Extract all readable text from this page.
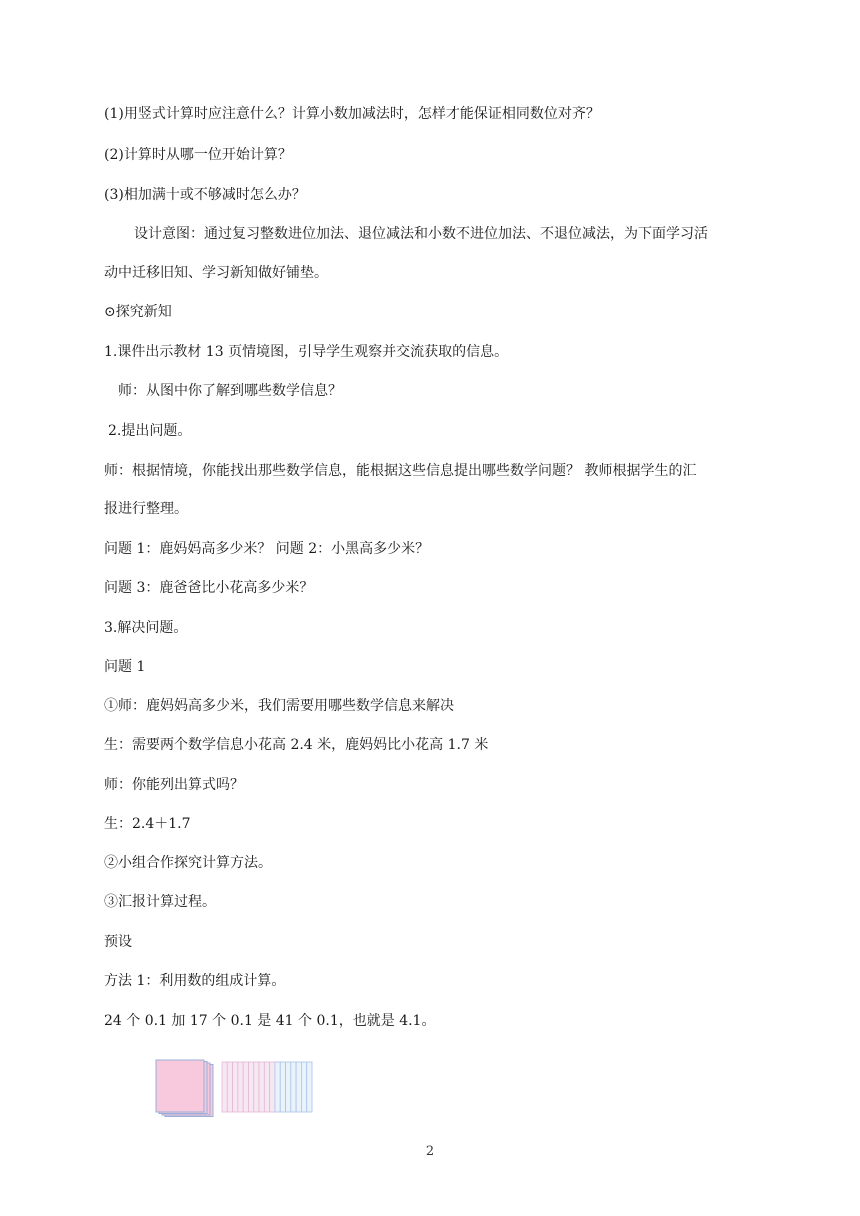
(1)用竖式计算时应注意什么？计算小数加减法时，怎样才能保证相同数位对齐？
(2)计算时从哪一位开始计算？
(3)相加满十或不够减时怎么办？
设计意图：通过复习整数进位加法、退位减法和小数不进位加法、不退位减法，为下面学习活
动中迁移旧知、学习新知做好铺垫。
⊙探究新知
1.课件出示教材 13 页情境图，引导学生观察并交流获取的信息。
师：从图中你了解到哪些数学信息？
2.提出问题。
师：根据情境，你能找出那些数学信息，能根据这些信息提出哪些数学问题？ 教师根据学生的汇
报进行整理。
问题 1：鹿妈妈高多少米？ 问题 2：小黑高多少米？
问题 3：鹿爸爸比小花高多少米？
3.解决问题。
问题 1
①师：鹿妈妈高多少米，我们需要用哪些数学信息来解决
生：需要两个数学信息小花高 2.4 米，鹿妈妈比小花高 1.7 米
师：你能列出算式吗？
生：2.4＋1.7
②小组合作探究计算方法。
③汇报计算过程。
预设
方法 1：利用数的组成计算。
24 个 0.1 加 17 个 0.1 是 41 个 0.1，也就是 4.1。
2
